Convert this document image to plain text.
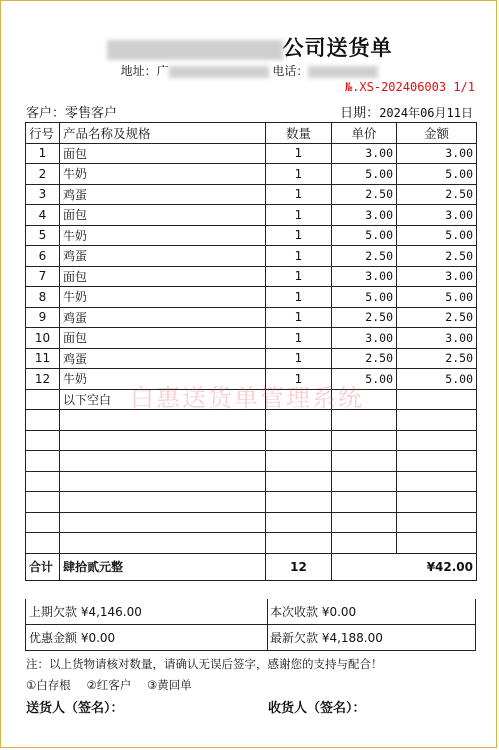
公司送货单
地址：广	电话：
№.XS-202406003 1/1
客户：零售客户	日期：2024年06月11日
行号	产品名称及规格	数量	单价	金额
1	面包	1	3.00	3.00
2	牛奶	1	5.00	5.00
3	鸡蛋	1	2.50	2.50
4	面包	1	3.00	3.00
5	牛奶	1	5.00	5.00
6	鸡蛋	1	2.50	2.50
7	面包	1	3.00	3.00
8	牛奶	1	5.00	5.00
9	鸡蛋	1	2.50	2.50
10	面包	1	3.00	3.00
11	鸡蛋	1	2.50	2.50
12	牛奶	1	5.00	5.00
	以下空白			

合计	肆拾贰元整	12	¥42.00	
上期欠款 ¥4,146.00	本次收款 ¥0.00
优惠金额 ¥0.00	最新欠款 ¥4,188.00
注：以上货物请核对数量，请确认无误后签字，感谢您的支持与配合！
①白存根 ②红客户 ③黄回单
送货人（签名）：	收货人（签名）：
白惠送货单管理系统
